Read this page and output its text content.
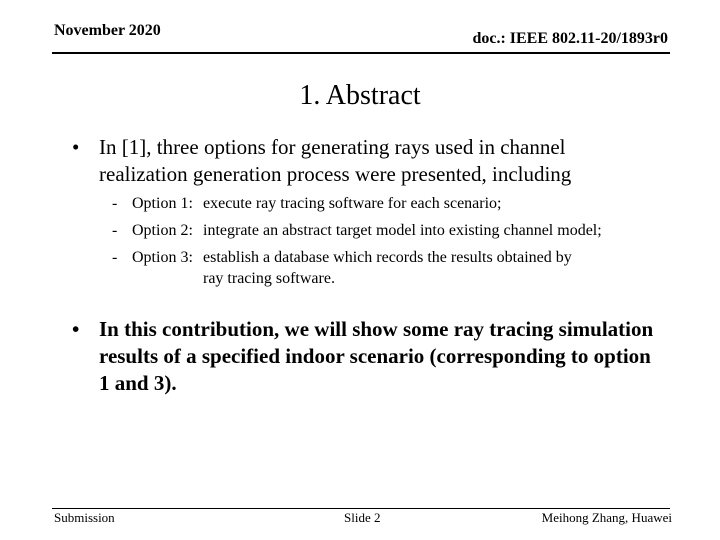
November 2020	doc.: IEEE 802.11-20/1893r0
1. Abstract
• In [1], three options for generating rays used in channel
realization generation process were presented, including
- Option 1: execute ray tracing software for each scenario;
- Option 2: integrate an abstract target model into existing channel model;
- Option 3: establish a database which records the results obtained by
ray tracing software.
• In this contribution, we will show some ray tracing simulation
results of a specified indoor scenario (corresponding to option
1 and 3).
Submission	Slide 2	Meihong Zhang, Huawei
